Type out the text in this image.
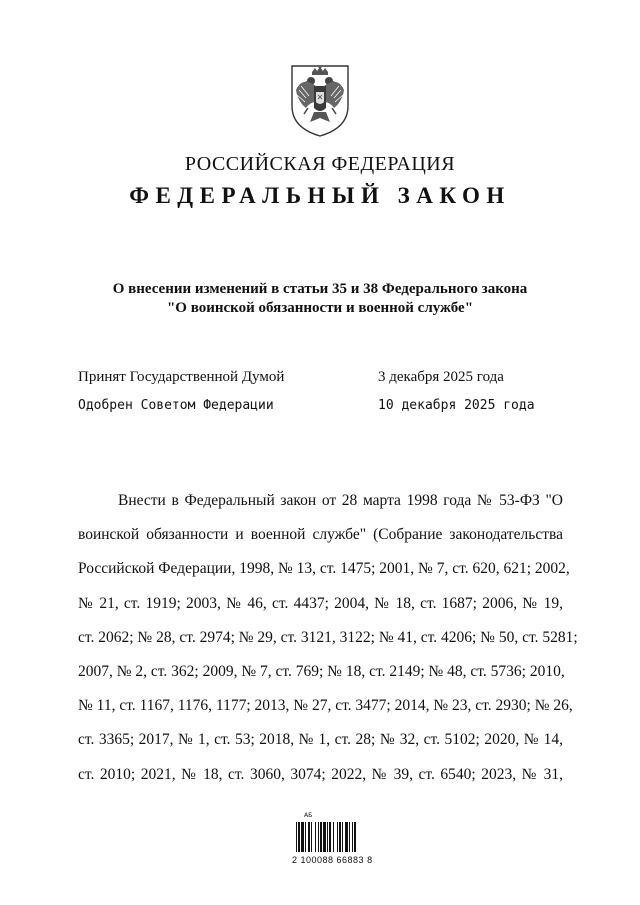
РОССИЙСКАЯ ФЕДЕРАЦИЯ
ФЕДЕРАЛЬНЫЙ ЗАКОН
О внесении изменений в статьи 35 и 38 Федерального закона
"О воинской обязанности и военной службе"
Принят Государственной Думой	3 декабря 2025 года
Одобрен Советом Федерации	10 декабря 2025 года
Внести в Федеральный закон от 28 марта 1998 года № 53-ФЗ "О
воинской обязанности и военной службе" (Собрание законодательства
Российской Федерации, 1998, № 13, ст. 1475; 2001, № 7, ст. 620, 621; 2002,
№ 21, ст. 1919; 2003, № 46, ст. 4437; 2004, № 18, ст. 1687; 2006, № 19,
ст. 2062; № 28, ст. 2974; № 29, ст. 3121, 3122; № 41, ст. 4206; № 50, ст. 5281;
2007, № 2, ст. 362; 2009, № 7, ст. 769; № 18, ст. 2149; № 48, ст. 5736; 2010,
№ 11, ст. 1167, 1176, 1177; 2013, № 27, ст. 3477; 2014, № 23, ст. 2930; № 26,
ст. 3365; 2017, № 1, ст. 53; 2018, № 1, ст. 28; № 32, ст. 5102; 2020, № 14,
ст. 2010; 2021, № 18, ст. 3060, 3074; 2022, № 39, ст. 6540; 2023, № 31,
АБ
2 100088 66883 8
